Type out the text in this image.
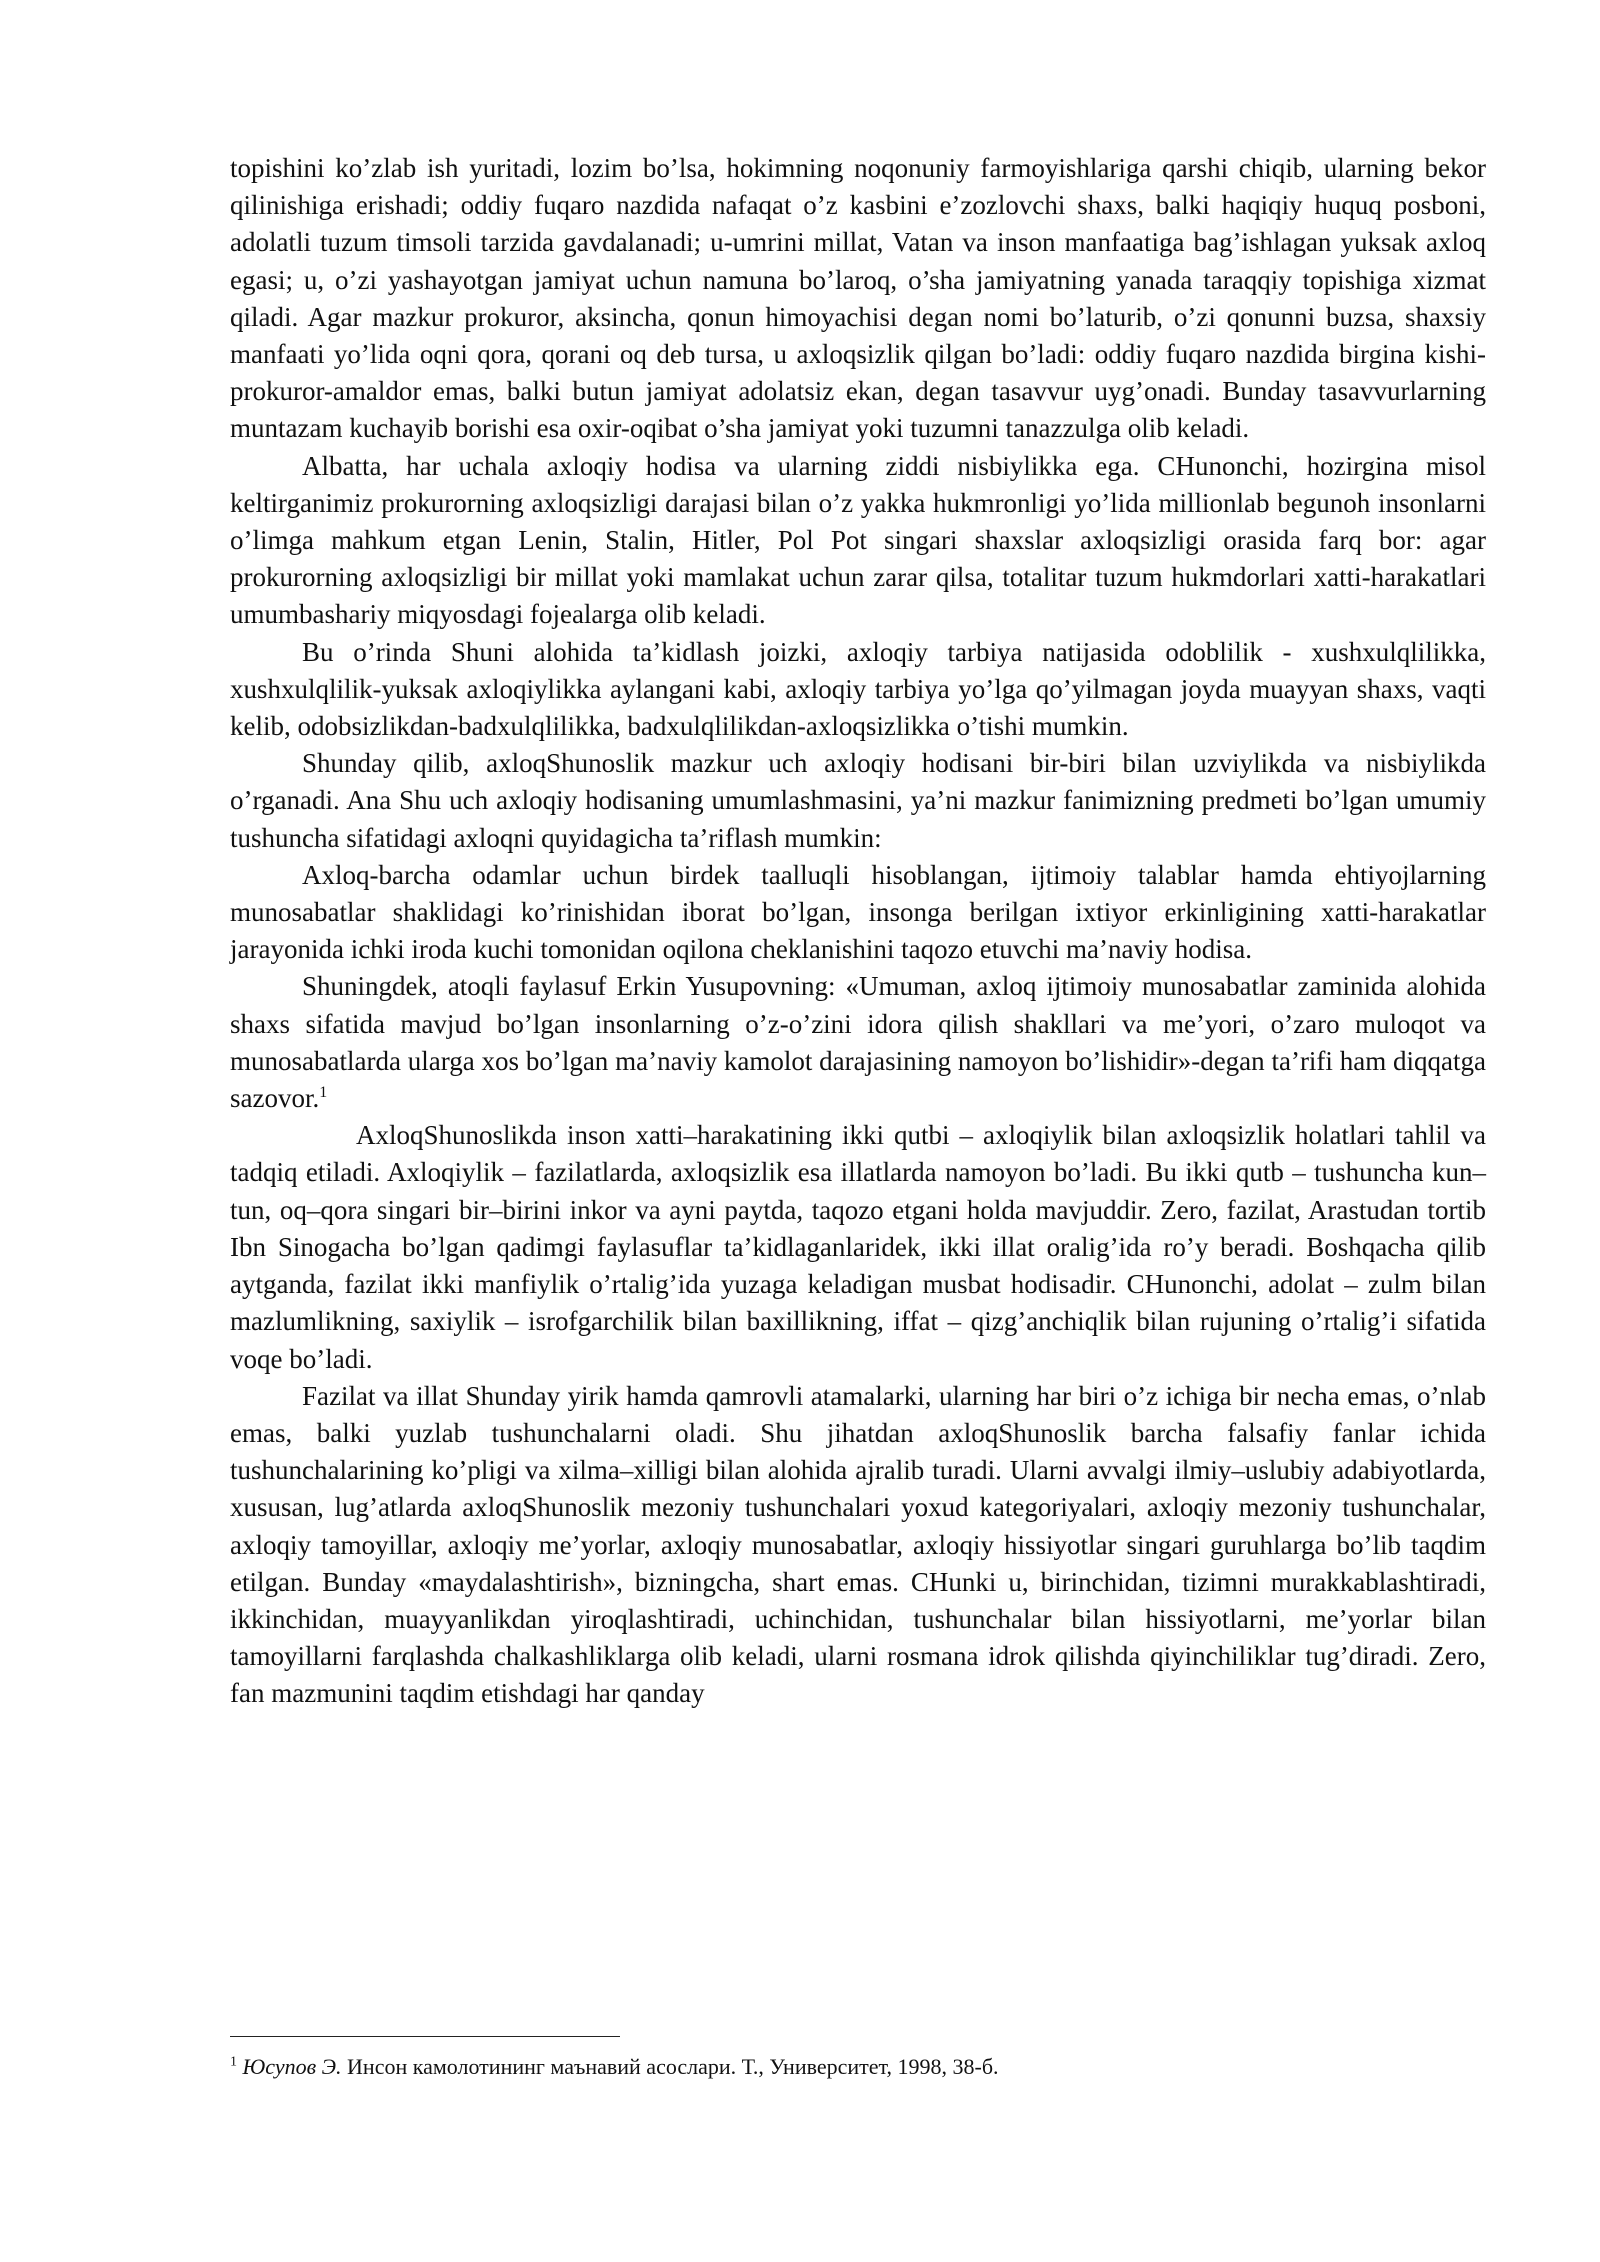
topishini ko’zlab ish yuritadi, lozim bo’lsa, hokimning noqonuniy farmoyishlariga qarshi chiqib, ularning bekor qilinishiga erishadi; oddiy fuqaro nazdida nafaqat o’z kasbini e’zozlovchi shaxs, balki haqiqiy huquq posboni, adolatli tuzum timsoli tarzida gavdalanadi; u-umrini millat, Vatan va inson manfaatiga bag’ishlagan yuksak axloq egasi; u, o’zi yashayotgan jamiyat uchun namuna bo’laroq, o’sha jamiyatning yanada taraqqiy topishiga xizmat qiladi. Agar mazkur prokuror, aksincha, qonun himoyachisi degan nomi bo’laturib, o’zi qonunni buzsa, shaxsiy manfaati yo’lida oqni qora, qorani oq deb tursa, u axloqsizlik qilgan bo’ladi: oddiy fuqaro nazdida birgina kishi-prokuror-amaldor emas, balki butun jamiyat adolatsiz ekan, degan tasavvur uyg’onadi. Bunday tasavvurlarning muntazam kuchayib borishi esa oxir-oqibat o’sha jamiyat yoki tuzumni tanazzulga olib keladi.

Albatta, har uchala axloqiy hodisa va ularning ziddi nisbiylikka ega. CHunonchi, hozirgina misol keltirganimiz prokurorning axloqsizligi darajasi bilan o’z yakka hukmronligi yo’lida millionlab begunoh insonlarni o’limga mahkum etgan Lenin, Stalin, Hitler, Pol Pot singari shaxslar axloqsizligi orasida farq bor: agar prokurorning axloqsizligi bir millat yoki mamlakat uchun zarar qilsa, totalitar tuzum hukmdorlari xatti-harakatlari umumbashariy miqyosdagi fojealarga olib keladi.

Bu o’rinda Shuni alohida ta’kidlash joizki, axloqiy tarbiya natijasida odoblilik - xushxulqlilikka, xushxulqlilik-yuksak axloqiylikka aylangani kabi, axloqiy tarbiya yo’lga qo’yilmagan joyda muayyan shaxs, vaqti kelib, odobsizlikdan-badxulqlilikka, badxulqlilikdan-axloqsizlikka o’tishi mumkin.

Shunday qilib, axloqShunoslik mazkur uch axloqiy hodisani bir-biri bilan uzviylikda va nisbiylikda o’rganadi. Ana Shu uch axloqiy hodisaning umumlashmasini, ya’ni mazkur fanimizning predmeti bo’lgan umumiy tushuncha sifatidagi axloqni quyidagicha ta’riflash mumkin:

Axloq-barcha odamlar uchun birdek taalluqli hisoblangan, ijtimoiy talablar hamda ehtiyojlarning munosabatlar shaklidagi ko’rinishidan iborat bo’lgan, insonga berilgan ixtiyor erkinligining xatti-harakatlar jarayonida ichki iroda kuchi tomonidan oqilona cheklanishini taqozo etuvchi ma’naviy hodisa.

Shuningdek, atoqli faylasuf Erkin Yusupovning: «Umuman, axloq ijtimoiy munosabatlar zaminida alohida shaxs sifatida mavjud bo’lgan insonlarning o’z-o’zini idora qilish shakllari va me’yori, o’zaro muloqot va munosabatlarda ularga xos bo’lgan ma’naviy kamolot darajasining namoyon bo’lishidir»-degan ta’rifi ham diqqatga sazovor.$^1$

AxloqShunoslikda inson xatti–harakatining ikki qutbi – axloqiylik bilan axloqsizlik holatlari tahlil va tadqiq etiladi. Axloqiylik – fazilatlarda, axloqsizlik esa illatlarda namoyon bo’ladi. Bu ikki qutb – tushuncha kun–tun, oq–qora singari bir–birini inkor va ayni paytda, taqozo etgani holda mavjuddir. Zero, fazilat, Arastudan tortib Ibn Sinogacha bo’lgan qadimgi faylasuflar ta’kidlaganlaridek, ikki illat oralig’ida ro’y beradi. Boshqacha qilib aytganda, fazilat ikki manfiylik o’rtalig’ida yuzaga keladigan musbat hodisadir. CHunonchi, adolat – zulm bilan mazlumlikning, saxiylik – isrofgarchilik bilan baxillikning, iffat – qizg’anchiqlik bilan rujuning o’rtalig’i sifatida voqe bo’ladi.

Fazilat va illat Shunday yirik hamda qamrovli atamalarki, ularning har biri o’z ichiga bir necha emas, o’nlab emas, balki yuzlab tushunchalarni oladi. Shu jihatdan axloqShunoslik barcha falsafiy fanlar ichida tushunchalarining ko’pligi va xilma–xilligi bilan alohida ajralib turadi. Ularni avvalgi ilmiy–uslubiy adabiyotlarda, xususan, lug’atlarda axloqShunoslik mezoniy tushunchalari yoxud kategoriyalari, axloqiy mezoniy tushunchalar, axloqiy tamoyillar, axloqiy me’yorlar, axloqiy munosabatlar, axloqiy hissiyotlar singari guruhlarga bo’lib taqdim etilgan. Bunday «maydalashtirish», bizningcha, shart emas. CHunki u, birinchidan, tizimni murakkablashtiradi, ikkinchidan, muayyanlikdan yiroqlashtiradi, uchinchidan, tushunchalar bilan hissiyotlarni, me’yorlar bilan tamoyillarni farqlashda chalkashliklarga olib keladi, ularni rosmana idrok qilishda qiyinchiliklar tug’diradi. Zero, fan mazmunini taqdim etishdagi har qanday

$^1$ Юсупов Э. Инсон камолотининг маънавий асослари. Т., Университет, 1998, 38-б.
